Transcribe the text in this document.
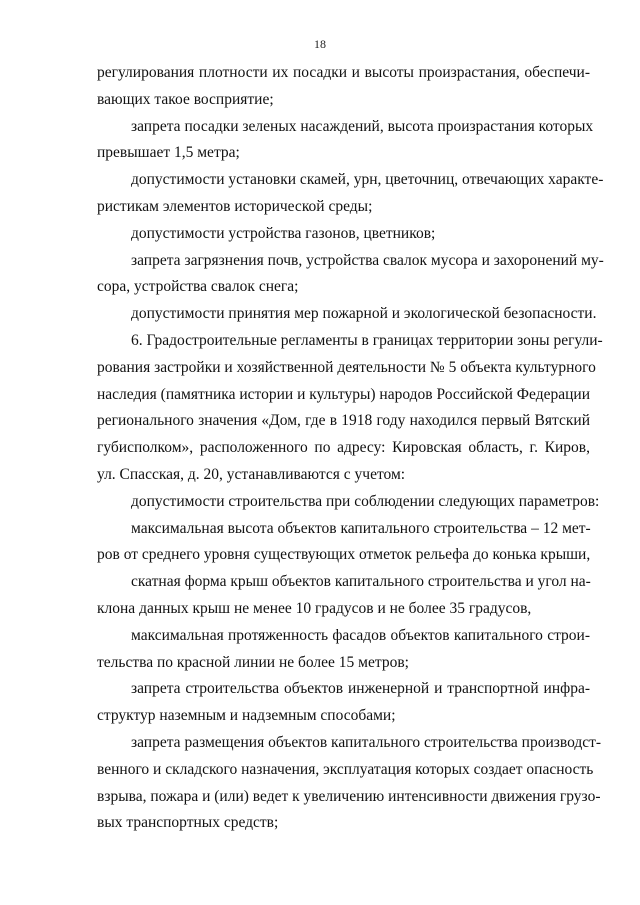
18
регулирования плотности их посадки и высоты произрастания, обеспечи-
вающих такое восприятие;
запрета посадки зеленых насаждений, высота произрастания которых
превышает 1,5 метра;
допустимости установки скамей, урн, цветочниц, отвечающих характе-
ристикам элементов исторической среды;
допустимости устройства газонов, цветников;
запрета загрязнения почв, устройства свалок мусора и захоронений му-
сора, устройства свалок снега;
допустимости принятия мер пожарной и экологической безопасности.
6. Градостроительные регламенты в границах территории зоны регули-
рования застройки и хозяйственной деятельности № 5 объекта культурного
наследия (памятника истории и культуры) народов Российской Федерации
регионального значения «Дом, где в 1918 году находился первый Вятский
губисполком», расположенного по адресу: Кировская область, г. Киров,
ул. Спасская, д. 20, устанавливаются с учетом:
допустимости строительства при соблюдении следующих параметров:
максимальная высота объектов капитального строительства – 12 мет-
ров от среднего уровня существующих отметок рельефа до конька крыши,
скатная форма крыш объектов капитального строительства и угол на-
клона данных крыш не менее 10 градусов и не более 35 градусов,
максимальная протяженность фасадов объектов капитального строи-
тельства по красной линии не более 15 метров;
запрета строительства объектов инженерной и транспортной инфра-
структур наземным и надземным способами;
запрета размещения объектов капитального строительства производст-
венного и складского назначения, эксплуатация которых создает опасность
взрыва, пожара и (или) ведет к увеличению интенсивности движения грузо-
вых транспортных средств;
